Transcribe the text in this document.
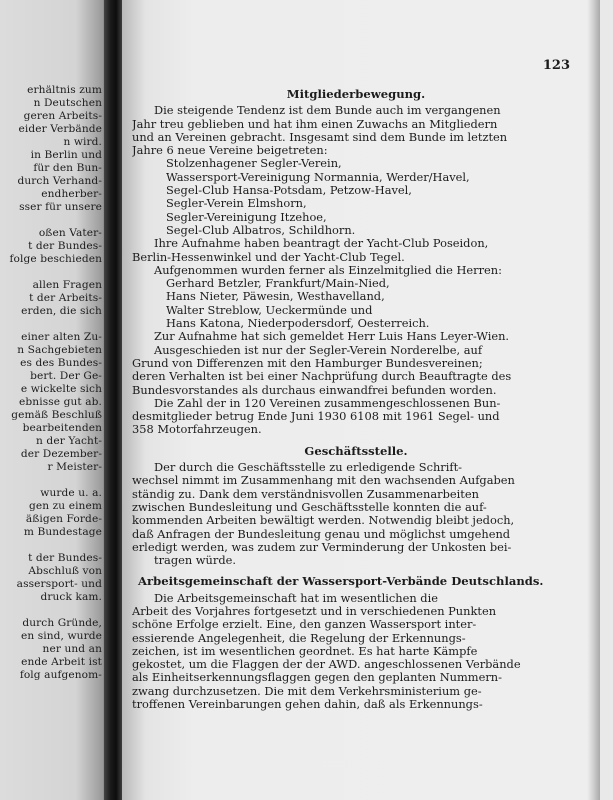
erhältnis zum
n Deutschen
geren Arbeits-
eider Verbände
n wird.
in Berlin und
für den Bun-
durch Verhand-
endherber-
sser für unsere
oßen Vater-
t der Bundes-
folge beschieden
allen Fragen
t der Arbeits-
erden, die sich
einer alten Zu-
n Sachgebieten
es des Bundes-
bert. Der Ge-
e wickelte sich
ebnisse gut ab.
gemäß Beschluß
bearbeitenden
n der Yacht-
der Dezember-
r Meister-
wurde u. a.
gen zu einem
äßigen Forde-
m Bundestage
t der Bundes-
Abschluß von
assersport- und
druck kam.
durch Gründe,
en sind, wurde
ner und an
ende Arbeit ist
folg aufgenom-
123
Mitgliederbewegung.
Die steigende Tendenz ist dem Bunde auch im vergangenen
Jahr treu geblieben und hat ihm einen Zuwachs an Mitgliedern
und an Vereinen gebracht. Insgesamt sind dem Bunde im letzten
Jahre 6 neue Vereine beigetreten:
Stolzenhagener Segler-Verein,
Wassersport-Vereinigung Normannia, Werder/Havel,
Segel-Club Hansa-Potsdam, Petzow-Havel,
Segler-Verein Elmshorn,
Segler-Vereinigung Itzehoe,
Segel-Club Albatros, Schildhorn.
Ihre Aufnahme haben beantragt der Yacht-Club Poseidon,
Berlin-Hessenwinkel und der Yacht-Club Tegel.
Aufgenommen wurden ferner als Einzelmitglied die Herren:
Gerhard Betzler, Frankfurt/Main-Nied,
Hans Nieter, Päwesin, Westhavelland,
Walter Streblow, Ueckermünde und
Hans Katona, Niederpodersdorf, Oesterreich.
Zur Aufnahme hat sich gemeldet Herr Luis Hans Leyer-Wien.
Ausgeschieden ist nur der Segler-Verein Norderelbe, auf
Grund von Differenzen mit den Hamburger Bundesvereinen;
deren Verhalten ist bei einer Nachprüfung durch Beauftragte des
Bundesvorstandes als durchaus einwandfrei befunden worden.
Die Zahl der in 120 Vereinen zusammengeschlossenen Bun-
desmitglieder betrug Ende Juni 1930 6108 mit 1961 Segel- und
358 Motorfahrzeugen.
Geschäftsstelle.
Der durch die Geschäftsstelle zu erledigende Schrift-
wechsel nimmt im Zusammenhang mit den wachsenden Aufgaben
ständig zu. Dank dem verständnisvollen Zusammenarbeiten
zwischen Bundesleitung und Geschäftsstelle konnten die auf-
kommenden Arbeiten bewältigt werden. Notwendig bleibt jedoch,
daß Anfragen der Bundesleitung genau und möglichst umgehend
erledigt werden, was zudem zur Verminderung der Unkosten bei-
tragen würde.
Arbeitsgemeinschaft der Wassersport-Verbände Deutschlands.
Die Arbeitsgemeinschaft hat im wesentlichen die
Arbeit des Vorjahres fortgesetzt und in verschiedenen Punkten
schöne Erfolge erzielt. Eine, den ganzen Wassersport inter-
essierende Angelegenheit, die Regelung der Erkennungs-
zeichen, ist im wesentlichen geordnet. Es hat harte Kämpfe
gekostet, um die Flaggen der der AWD. angeschlossenen Verbände
als Einheitserkennungsflaggen gegen den geplanten Nummern-
zwang durchzusetzen. Die mit dem Verkehrsministerium ge-
troffenen Vereinbarungen gehen dahin, daß als Erkennungs-
